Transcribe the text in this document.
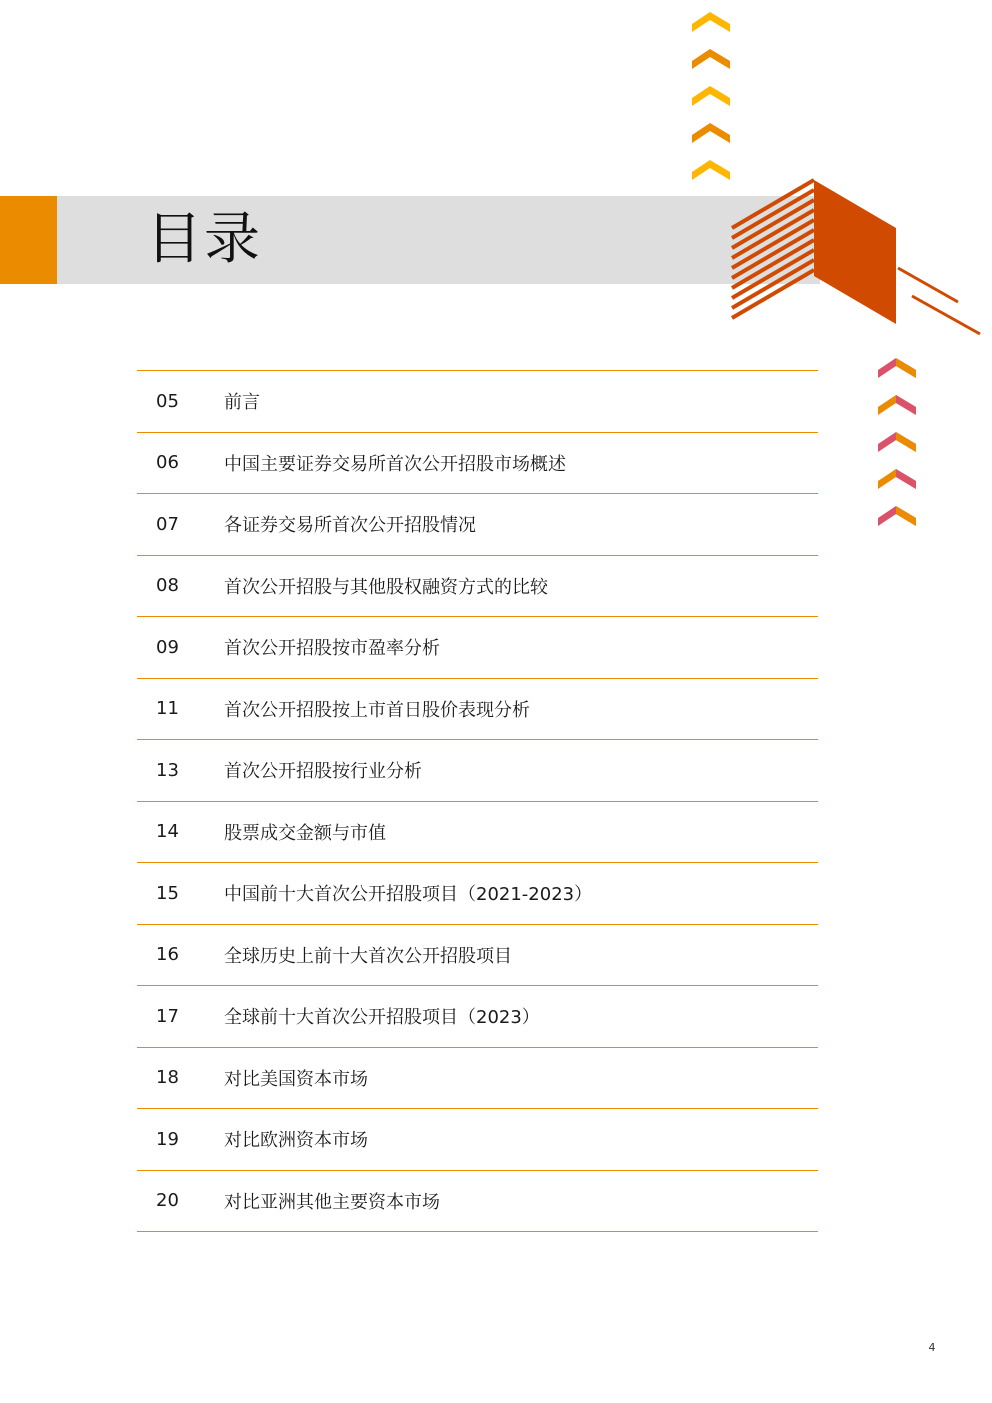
目录
05	前言
06	中国主要证券交易所首次公开招股市场概述
07	各证券交易所首次公开招股情况
08	首次公开招股与其他股权融资方式的比较
09	首次公开招股按市盈率分析
11	首次公开招股按上市首日股价表现分析
13	首次公开招股按行业分析
14	股票成交金额与市值
15	中国前十大首次公开招股项目（2021-2023）
16	全球历史上前十大首次公开招股项目
17	全球前十大首次公开招股项目（2023）
18	对比美国资本市场
19	对比欧洲资本市场
20	对比亚洲其他主要资本市场
4
